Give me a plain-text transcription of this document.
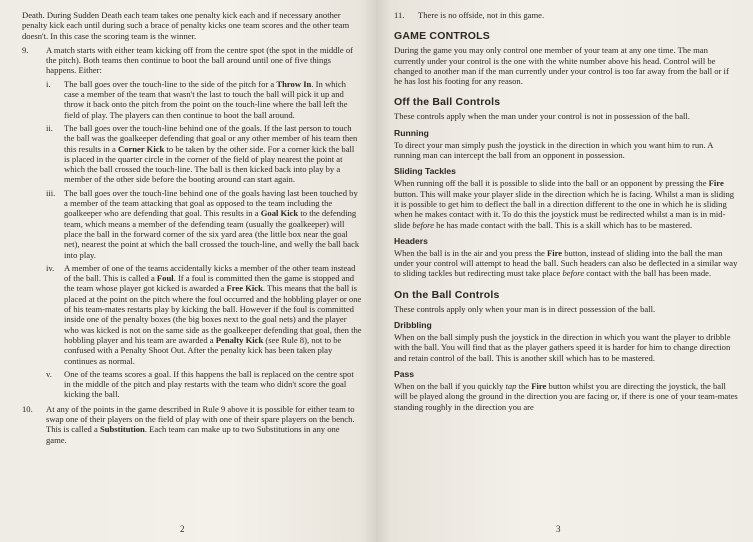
Death. During Sudden Death each team takes one penalty kick each and if necessary another penalty kick each until during such a brace of penalty kicks one team scores and the other team doesn't. In this case the scoring team is the winner.

9. A match starts with either team kicking off from the centre spot (the spot in the middle of the pitch). Both teams then continue to boot the ball around until one of five things happens. Either:
i. The ball goes over the touch-line to the side of the pitch for a Throw In. In which case a member of the team that wasn't the last to touch the ball will pick it up and throw it back onto the pitch from the point on the touch-line where the ball left the field of play. The players can then continue to boot the ball around.
ii. The ball goes over the touch-line behind one of the goals. If the last person to touch the ball was the goalkeeper defending that goal or any other member of his team then this results in a Corner Kick to be taken by the other side. For a corner kick the ball is placed in the quarter circle in the corner of the field of play nearest the point at which the ball crossed the touch-line. The ball is then kicked back into play by a member of the other side before the booting around can start again.
iii. The ball goes over the touch-line behind one of the goals having last been touched by a member of the team attacking that goal as opposed to the team including the goalkeeper who are defending that goal. This results in a Goal Kick to the defending team, which means a member of the defending team (usually the goalkeeper) will place the ball in the forward corner of the six yard area (the little box near the goal net), nearest the point at which the ball crossed the touch-line, and welly the ball back into play.
iv. A member of one of the teams accidentally kicks a member of the other team instead of the ball. This is called a Foul. If a foul is committed then the game is stopped and the team whose player got kicked is awarded a Free Kick. This means that the ball is placed at the point on the pitch where the foul occurred and the hobbling player or one of his team-mates restarts play by kicking the ball. However if the foul is committed inside one of the penalty boxes (the big boxes next to the goal nets) and the player who was kicked is not on the same side as the goalkeeper defending that goal, then the hobbling player and his team are awarded a Penalty Kick (see Rule 8), not to be confused with a Penalty Shoot Out. After the penalty kick has been taken play continues as normal.
v. One of the teams scores a goal. If this happens the ball is replaced on the centre spot in the middle of the pitch and play restarts with the team who didn't score the goal kicking the ball.
10. At any of the points in the game described in Rule 9 above it is possible for either team to swap one of their players on the field of play with one of their spare players on the bench. This is called a Substitution. Each team can make up to two Substitutions in any one game.
2
11. There is no offside, not in this game.
GAME CONTROLS

During the game you may only control one member of your team at any one time. The man currently under your control is the one with the white number above his head. Control will be changed to another man if the man currently under your control is too far away from the ball or if he has lost his footing for any reason.

Off the Ball Controls

These controls apply when the man under your control is not in possession of the ball.

Running

To direct your man simply push the joystick in the direction in which you want him to run. A running man can intercept the ball from an opponent in possession.

Sliding Tackles

When running off the ball it is possible to slide into the ball or an opponent by pressing the Fire button. This will make your player slide in the direction which he is facing. Whilst a man is sliding it is possible to get him to deflect the ball in a direction different to the one in which he is sliding when he makes contact with it. To do this the joystick must be redirected whilst a man is in mid-slide before he has made contact with the ball. This is a skill which has to be mastered.

Headers

When the ball is in the air and you press the Fire button, instead of sliding into the ball the man under your control will attempt to head the ball. Such headers can also be deflected in a similar way to sliding tackles but redirecting must take place before contact with the ball has been made.

On the Ball Controls

These controls apply only when your man is in direct possession of the ball.

Dribbling

When on the ball simply push the joystick in the direction in which you want the player to dribble with the ball. You will find that as the player gathers speed it is harder for him to change direction and retain control of the ball. This is another skill which has to be mastered.

Pass

When on the ball if you quickly tap the Fire button whilst you are directing the joystick, the ball will be played along the ground in the direction you are facing or, if there is one of your team-mates standing roughly in the direction you are

3
